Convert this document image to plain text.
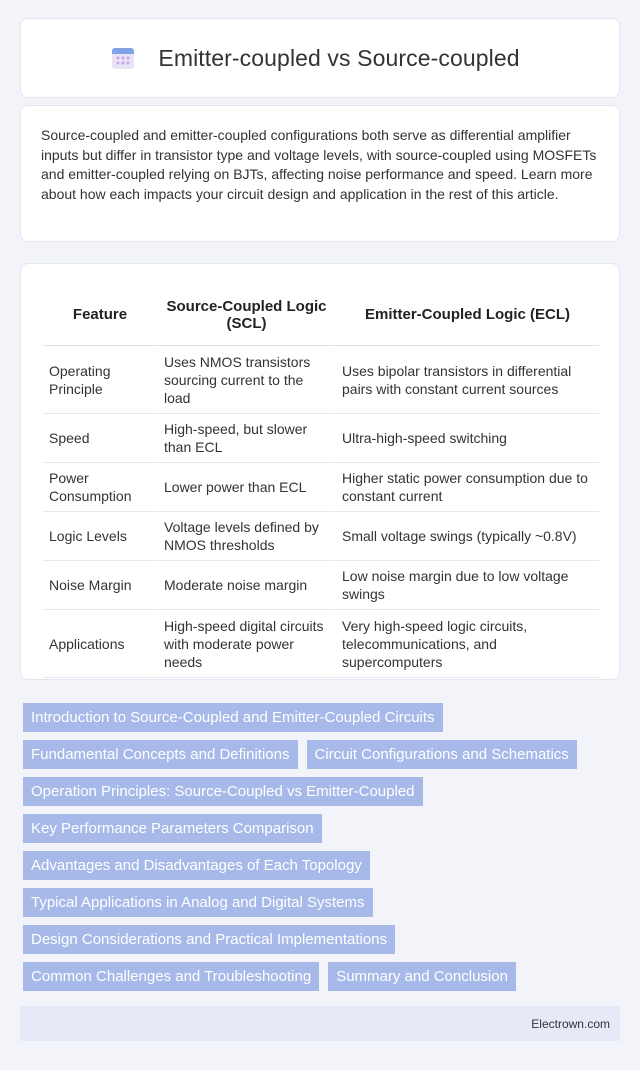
Emitter-coupled vs Source-coupled

Source-coupled and emitter-coupled configurations both serve as differential amplifier inputs but differ in transistor type and voltage levels, with source-coupled using MOSFETs and emitter-coupled relying on BJTs, affecting noise performance and speed. Learn more about how each impacts your circuit design and application in the rest of this article.

Feature	Source-Coupled Logic (SCL)	Emitter-Coupled Logic (ECL)
Operating Principle	Uses NMOS transistors sourcing current to the load	Uses bipolar transistors in differential pairs with constant current sources
Speed	High-speed, but slower than ECL	Ultra-high-speed switching
Power Consumption	Lower power than ECL	Higher static power consumption due to constant current
Logic Levels	Voltage levels defined by NMOS thresholds	Small voltage swings (typically ~0.8V)
Noise Margin	Moderate noise margin	Low noise margin due to low voltage swings
Applications	High-speed digital circuits with moderate power needs	Very high-speed logic circuits, telecommunications, and supercomputers
Introduction to Source-Coupled and Emitter-Coupled Circuits
Fundamental Concepts and Definitions	Circuit Configurations and Schematics
Operation Principles: Source-Coupled vs Emitter-Coupled
Key Performance Parameters Comparison
Advantages and Disadvantages of Each Topology
Typical Applications in Analog and Digital Systems
Design Considerations and Practical Implementations
Common Challenges and Troubleshooting	Summary and Conclusion
Electrown.com
